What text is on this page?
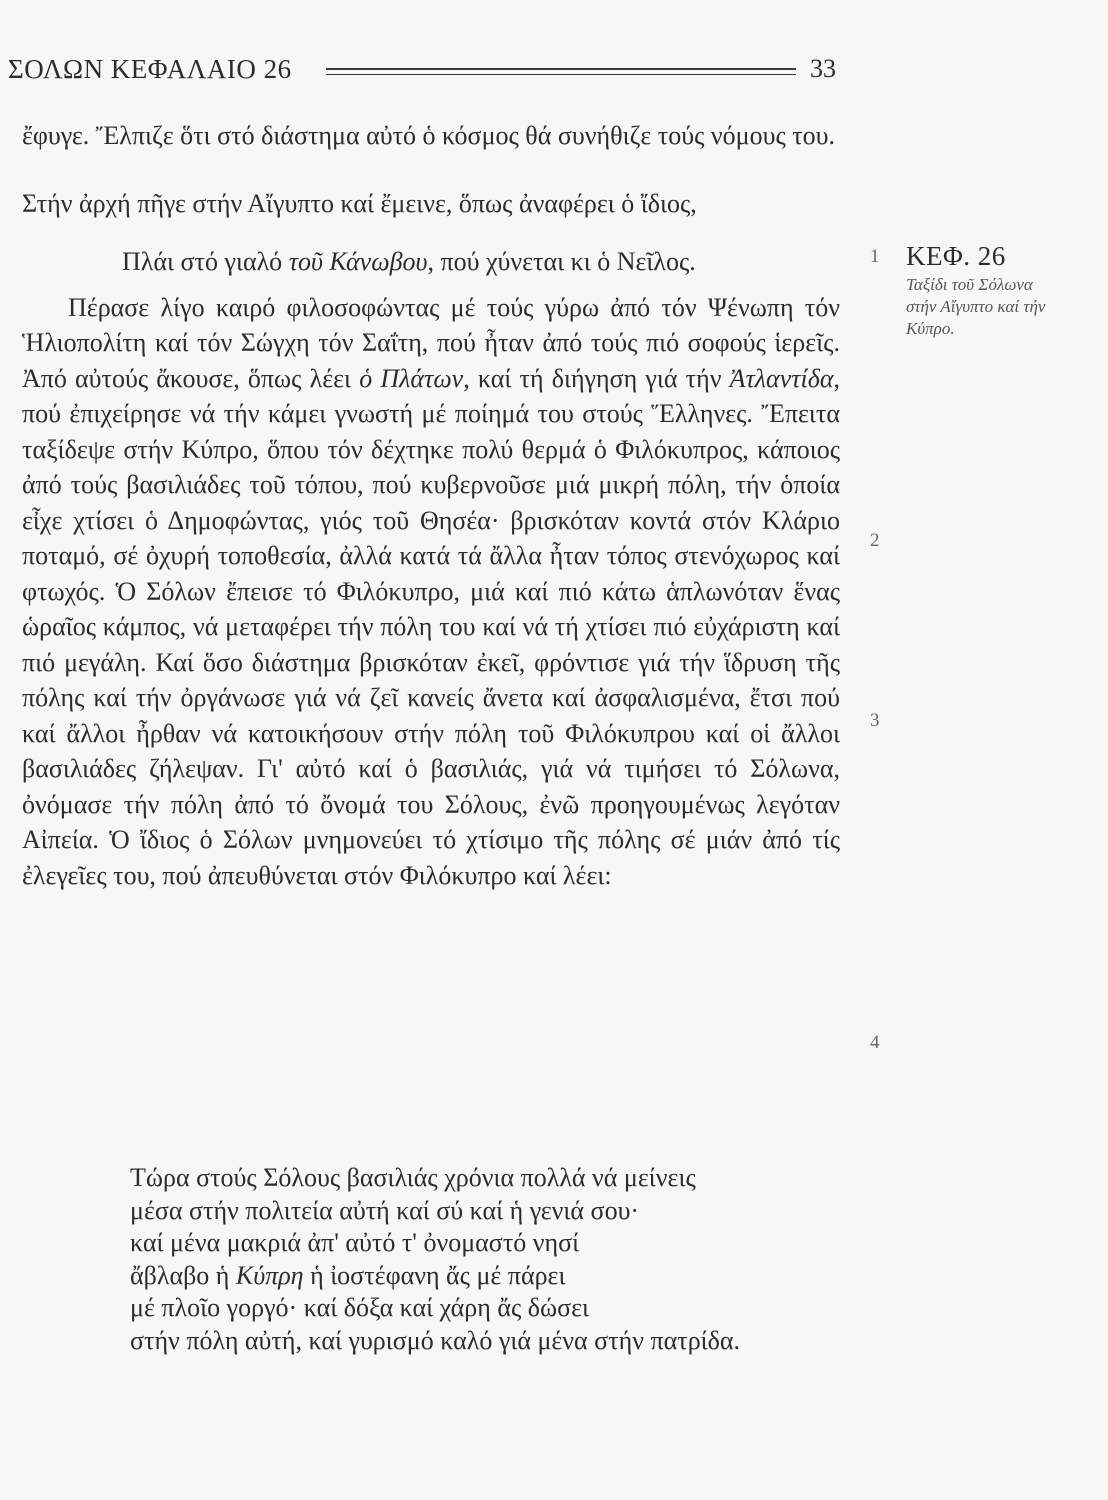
ΣΟΛΩΝ ΚΕΦΑΛΑΙΟ 26	33

ἔφυγε. Ἔλπιζε ὅτι στό διάστημα αὐτό ὁ κόσμος θά συνήθιζε τούς νόμους του.

Στήν ἀρχή πῆγε στήν Αἴγυπτο καί ἔμεινε, ὅπως ἀναφέρει ὁ ἴδιος,

Πλάι στό γιαλό τοῦ Κάνωβου, πού χύνεται κι ὁ Νεῖλος.

Πέρασε λίγο καιρό φιλοσοφώντας μέ τούς γύρω ἀπό τόν Ψένωπη τόν Ἡλιοπολίτη καί τόν Σώγχη τόν Σαΐτη, πού ἦταν ἀπό τούς πιό σοφούς ἱερεῖς. Ἀπό αὐτούς ἄκουσε, ὅπως λέει ὁ Πλάτων, καί τή διήγηση γιά τήν Ἀτλαντίδα, πού ἐπιχείρησε νά τήν κάμει γνωστή μέ ποίημά του στούς Ἕλληνες. Ἔπειτα ταξίδεψε στήν Κύπρο, ὅπου τόν δέχτηκε πολύ θερμά ὁ Φιλόκυπρος, κάποιος ἀπό τούς βασιλιάδες τοῦ τόπου, πού κυβερνοῦσε μιά μικρή πόλη, τήν ὁποία εἶχε χτίσει ὁ Δημοφώντας, γιός τοῦ Θησέα· βρισκόταν κοντά στόν Κλάριο ποταμό, σέ ὀχυρή τοποθεσία, ἀλλά κατά τά ἄλλα ἦταν τόπος στενόχωρος καί φτωχός. Ὁ Σόλων ἔπεισε τό Φιλόκυπρο, μιά καί πιό κάτω ἁπλωνόταν ἕνας ὡραῖος κάμπος, νά μεταφέρει τήν πόλη του καί νά τή χτίσει πιό εὐχάριστη καί πιό μεγάλη. Καί ὅσο διάστημα βρισκόταν ἐκεῖ, φρόντισε γιά τήν ἵδρυση τῆς πόλης καί τήν ὀργάνωσε γιά νά ζεῖ κανείς ἄνετα καί ἀσφαλισμένα, ἔτσι πού καί ἄλλοι ἦρθαν νά κατοικήσουν στήν πόλη τοῦ Φιλόκυπρου καί οἱ ἄλλοι βασιλιάδες ζήλεψαν. Γι' αὐτό καί ὁ βασιλιάς, γιά νά τιμήσει τό Σόλωνα, ὀνόμασε τήν πόλη ἀπό τό ὄνομά του Σόλους, ἐνῶ προηγουμένως λεγόταν Αἰπεία. Ὁ ἴδιος ὁ Σόλων μνημονεύει τό χτίσιμο τῆς πόλης σέ μιάν ἀπό τίς ἐλεγεῖες του, πού ἀπευθύνεται στόν Φιλόκυπρο καί λέει:

Τώρα στούς Σόλους βασιλιάς χρόνια πολλά νά μείνεις
μέσα στήν πολιτεία αὐτή καί σύ καί ἡ γενιά σου·
καί μένα μακριά ἀπ' αὐτό τ' ὀνομαστό νησί
ἄβλαβο ἡ Κύπρη ἡ ἰοστέφανη ἄς μέ πάρει
μέ πλοῖο γοργό· καί δόξα καί χάρη ἄς δώσει
στήν πόλη αὐτή, καί γυρισμό καλό γιά μένα στήν πατρίδα.
1
2
3
4
ΚΕΦ. 26
Ταξίδι τοῦ Σόλωνα στήν Αἴγυπτο καί τήν Κύπρο.
